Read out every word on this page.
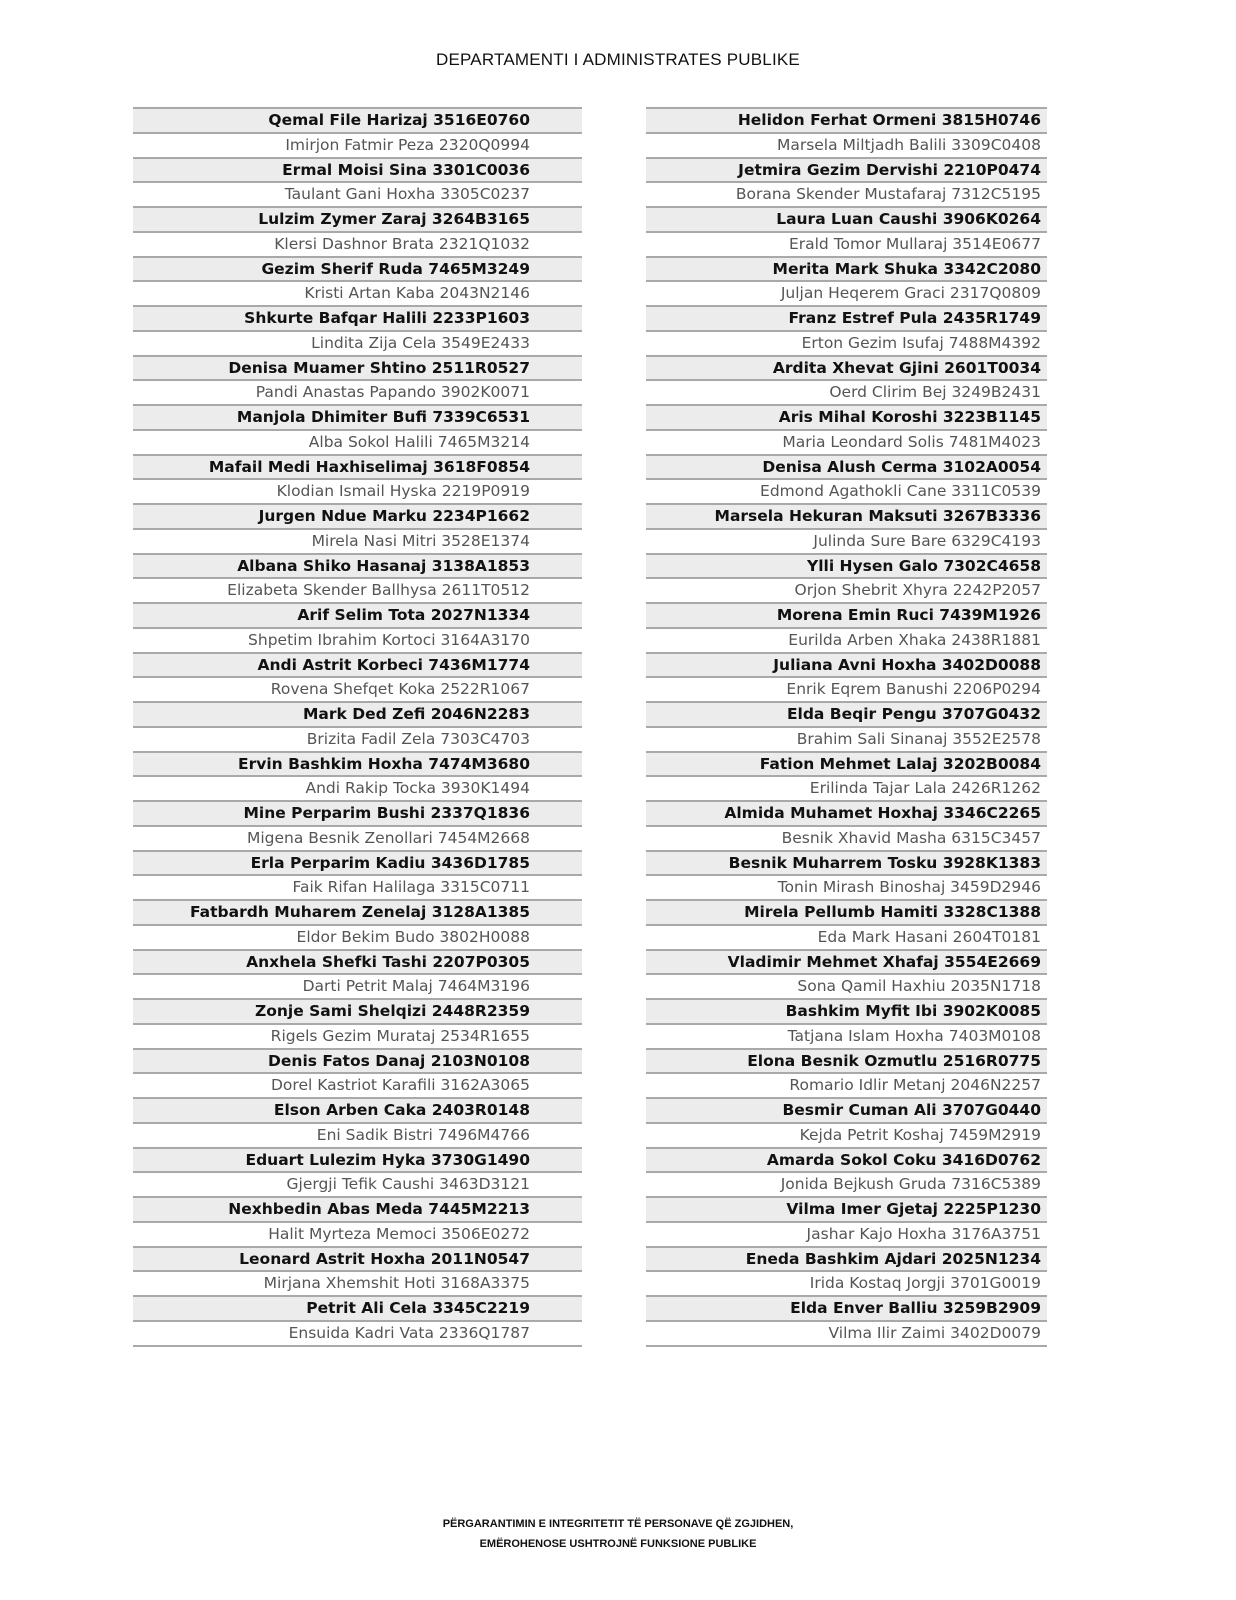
DEPARTAMENTI I ADMINISTRATES PUBLIKE
Qemal File Harizaj 3516E0760
Imirjon Fatmir Peza 2320Q0994
Ermal Moisi Sina 3301C0036
Taulant Gani Hoxha 3305C0237
Lulzim Zymer Zaraj 3264B3165
Klersi Dashnor Brata 2321Q1032
Gezim Sherif Ruda 7465M3249
Kristi Artan Kaba 2043N2146
Shkurte Bafqar Halili 2233P1603
Lindita Zija Cela 3549E2433
Denisa Muamer Shtino 2511R0527
Pandi Anastas Papando 3902K0071
Manjola Dhimiter Bufi 7339C6531
Alba Sokol Halili 7465M3214
Mafail Medi Haxhiselimaj 3618F0854
Klodian Ismail Hyska 2219P0919
Jurgen Ndue Marku 2234P1662
Mirela Nasi Mitri 3528E1374
Albana Shiko Hasanaj 3138A1853
Elizabeta Skender Ballhysa 2611T0512
Arif Selim Tota 2027N1334
Shpetim Ibrahim Kortoci 3164A3170
Andi Astrit Korbeci 7436M1774
Rovena Shefqet Koka 2522R1067
Mark Ded Zefi 2046N2283
Brizita Fadil Zela 7303C4703
Ervin Bashkim Hoxha 7474M3680
Andi Rakip Tocka 3930K1494
Mine Perparim Bushi 2337Q1836
Migena Besnik Zenollari 7454M2668
Erla Perparim Kadiu 3436D1785
Faik Rifan Halilaga 3315C0711
Fatbardh Muharem Zenelaj 3128A1385
Eldor Bekim Budo 3802H0088
Anxhela Shefki Tashi 2207P0305
Darti Petrit Malaj 7464M3196
Zonje Sami Shelqizi 2448R2359
Rigels Gezim Murataj 2534R1655
Denis Fatos Danaj 2103N0108
Dorel Kastriot Karafili 3162A3065
Elson Arben Caka 2403R0148
Eni Sadik Bistri 7496M4766
Eduart Lulezim Hyka 3730G1490
Gjergji Tefik Caushi 3463D3121
Nexhbedin Abas Meda 7445M2213
Halit Myrteza Memoci 3506E0272
Leonard Astrit Hoxha 2011N0547
Mirjana Xhemshit Hoti 3168A3375
Petrit Ali Cela 3345C2219
Ensuida Kadri Vata 2336Q1787
Helidon Ferhat Ormeni 3815H0746
Marsela Miltjadh Balili 3309C0408
Jetmira Gezim Dervishi 2210P0474
Borana Skender Mustafaraj 7312C5195
Laura Luan Caushi 3906K0264
Erald Tomor Mullaraj 3514E0677
Merita Mark Shuka 3342C2080
Juljan Heqerem Graci 2317Q0809
Franz Estref Pula 2435R1749
Erton Gezim Isufaj 7488M4392
Ardita Xhevat Gjini 2601T0034
Oerd Clirim Bej 3249B2431
Aris Mihal Koroshi 3223B1145
Maria Leondard Solis 7481M4023
Denisa Alush Cerma 3102A0054
Edmond Agathokli Cane 3311C0539
Marsela Hekuran Maksuti 3267B3336
Julinda Sure Bare 6329C4193
Ylli Hysen Galo 7302C4658
Orjon Shebrit Xhyra 2242P2057
Morena Emin Ruci 7439M1926
Eurilda Arben Xhaka 2438R1881
Juliana Avni Hoxha 3402D0088
Enrik Eqrem Banushi 2206P0294
Elda Beqir Pengu 3707G0432
Brahim Sali Sinanaj 3552E2578
Fation Mehmet Lalaj 3202B0084
Erilinda Tajar Lala 2426R1262
Almida Muhamet Hoxhaj 3346C2265
Besnik Xhavid Masha 6315C3457
Besnik Muharrem Tosku 3928K1383
Tonin Mirash Binoshaj 3459D2946
Mirela Pellumb Hamiti 3328C1388
Eda Mark Hasani 2604T0181
Vladimir Mehmet Xhafaj 3554E2669
Sona Qamil Haxhiu 2035N1718
Bashkim Myfit Ibi 3902K0085
Tatjana Islam Hoxha 7403M0108
Elona Besnik Ozmutlu 2516R0775
Romario Idlir Metanj 2046N2257
Besmir Cuman Ali 3707G0440
Kejda Petrit Koshaj 7459M2919
Amarda Sokol Coku 3416D0762
Jonida Bejkush Gruda 7316C5389
Vilma Imer Gjetaj 2225P1230
Jashar Kajo Hoxha 3176A3751
Eneda Bashkim Ajdari 2025N1234
Irida Kostaq Jorgji 3701G0019
Elda Enver Balliu 3259B2909
Vilma Ilir Zaimi 3402D0079
PËRGARANTIMIN E INTEGRITETIT TË PERSONAVE QË ZGJIDHEN,
EMËROHENOSE USHTROJNË FUNKSIONE PUBLIKE
